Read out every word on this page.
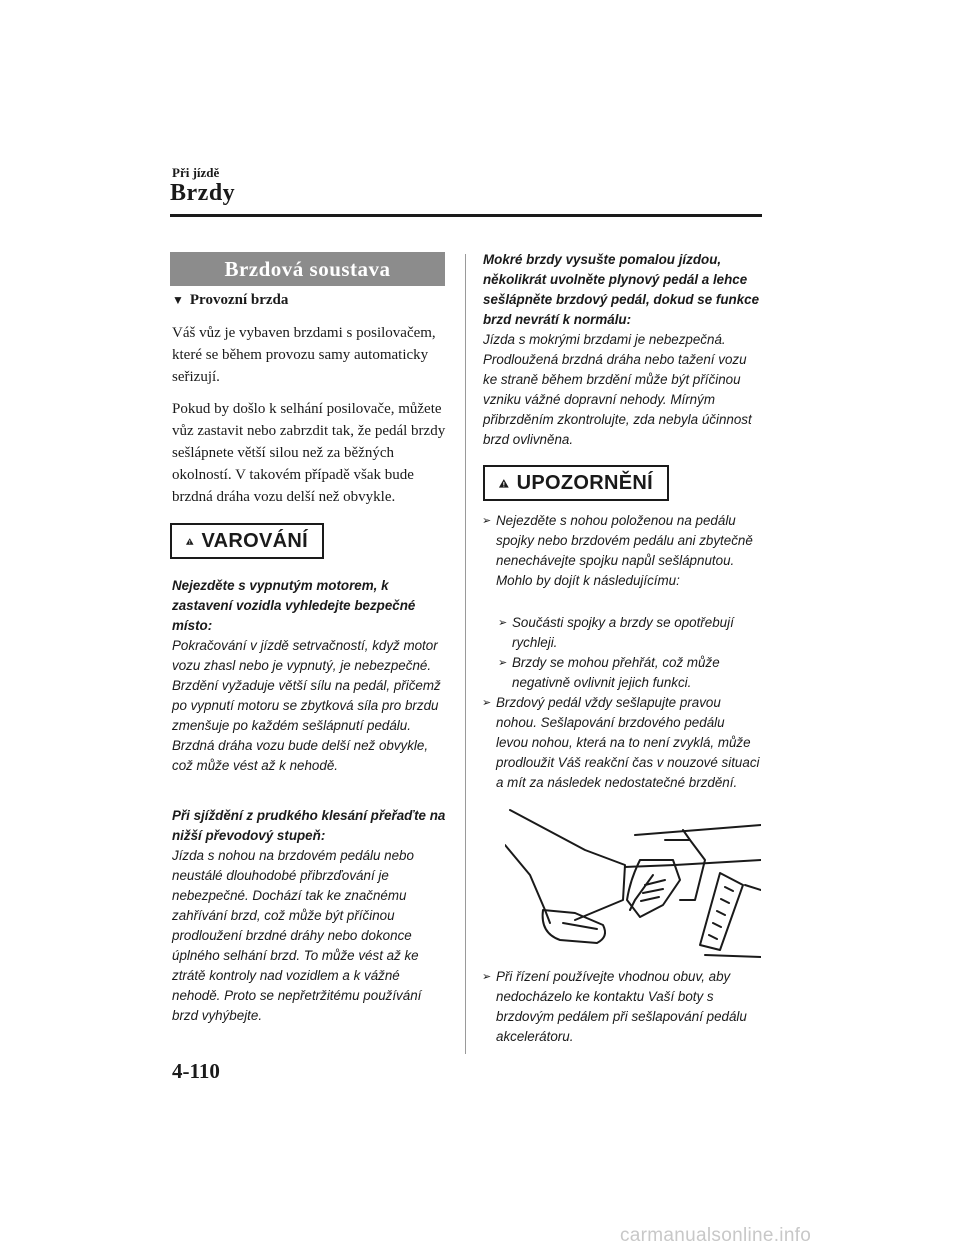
Při jízdě
Brzdy
Brzdová soustava
▼ Provozní brzda
Váš vůz je vybaven brzdami s posilovačem, které se během provozu samy automaticky seřizují.
Pokud by došlo k selhání posilovače, můžete vůz zastavit nebo zabrzdit tak, že pedál brzdy sešlápnete větší silou než za běžných okolností. V takovém případě však bude brzdná dráha vozu delší než obvykle.
VAROVÁNÍ
Nejezděte s vypnutým motorem, k zastavení vozidla vyhledejte bezpečné místo:
Pokračování v jízdě setrvačností, když motor vozu zhasl nebo je vypnutý, je nebezpečné. Brzdění vyžaduje větší sílu na pedál, přičemž po vypnutí motoru se zbytková síla pro brzdu zmenšuje po každém sešlápnutí pedálu. Brzdná dráha vozu bude delší než obvykle, což může vést až k nehodě.
Při sjíždění z prudkého klesání přeřaďte na nižší převodový stupeň:
Jízda s nohou na brzdovém pedálu nebo neustálé dlouhodobé přibrzďování je nebezpečné. Dochází tak ke značnému zahřívání brzd, což může být příčinou prodloužení brzdné dráhy nebo dokonce úplného selhání brzd. To může vést až ke ztrátě kontroly nad vozidlem a k vážné nehodě. Proto se nepřetržitému používání brzd vyhýbejte.
Mokré brzdy vysušte pomalou jízdou, několikrát uvolněte plynový pedál a lehce sešlápněte brzdový pedál, dokud se funkce brzd nevrátí k normálu:
Jízda s mokrými brzdami je nebezpečná. Prodloužená brzdná dráha nebo tažení vozu ke straně během brzdění může být příčinou vzniku vážné dopravní nehody. Mírným přibrzděním zkontrolujte, zda nebyla účinnost brzd ovlivněna.
UPOZORNĚNÍ
➢ Nejezděte s nohou položenou na pedálu spojky nebo brzdovém pedálu ani zbytečně nenechávejte spojku napůl sešlápnutou. Mohlo by dojít k následujícímu:
➢ Součásti spojky a brzdy se opotřebují rychleji.
➢ Brzdy se mohou přehřát, což může negativně ovlivnit jejich funkci.
➢ Brzdový pedál vždy sešlapujte pravou nohou. Sešlapování brzdového pedálu levou nohou, která na to není zvyklá, může prodloužit Váš reakční čas v nouzové situaci a mít za následek nedostatečné brzdění.
➢ Při řízení používejte vhodnou obuv, aby nedocházelo ke kontaktu Vaší boty s brzdovým pedálem při sešlapování pedálu akcelerátoru.
4-110
carmanualsonline.info
